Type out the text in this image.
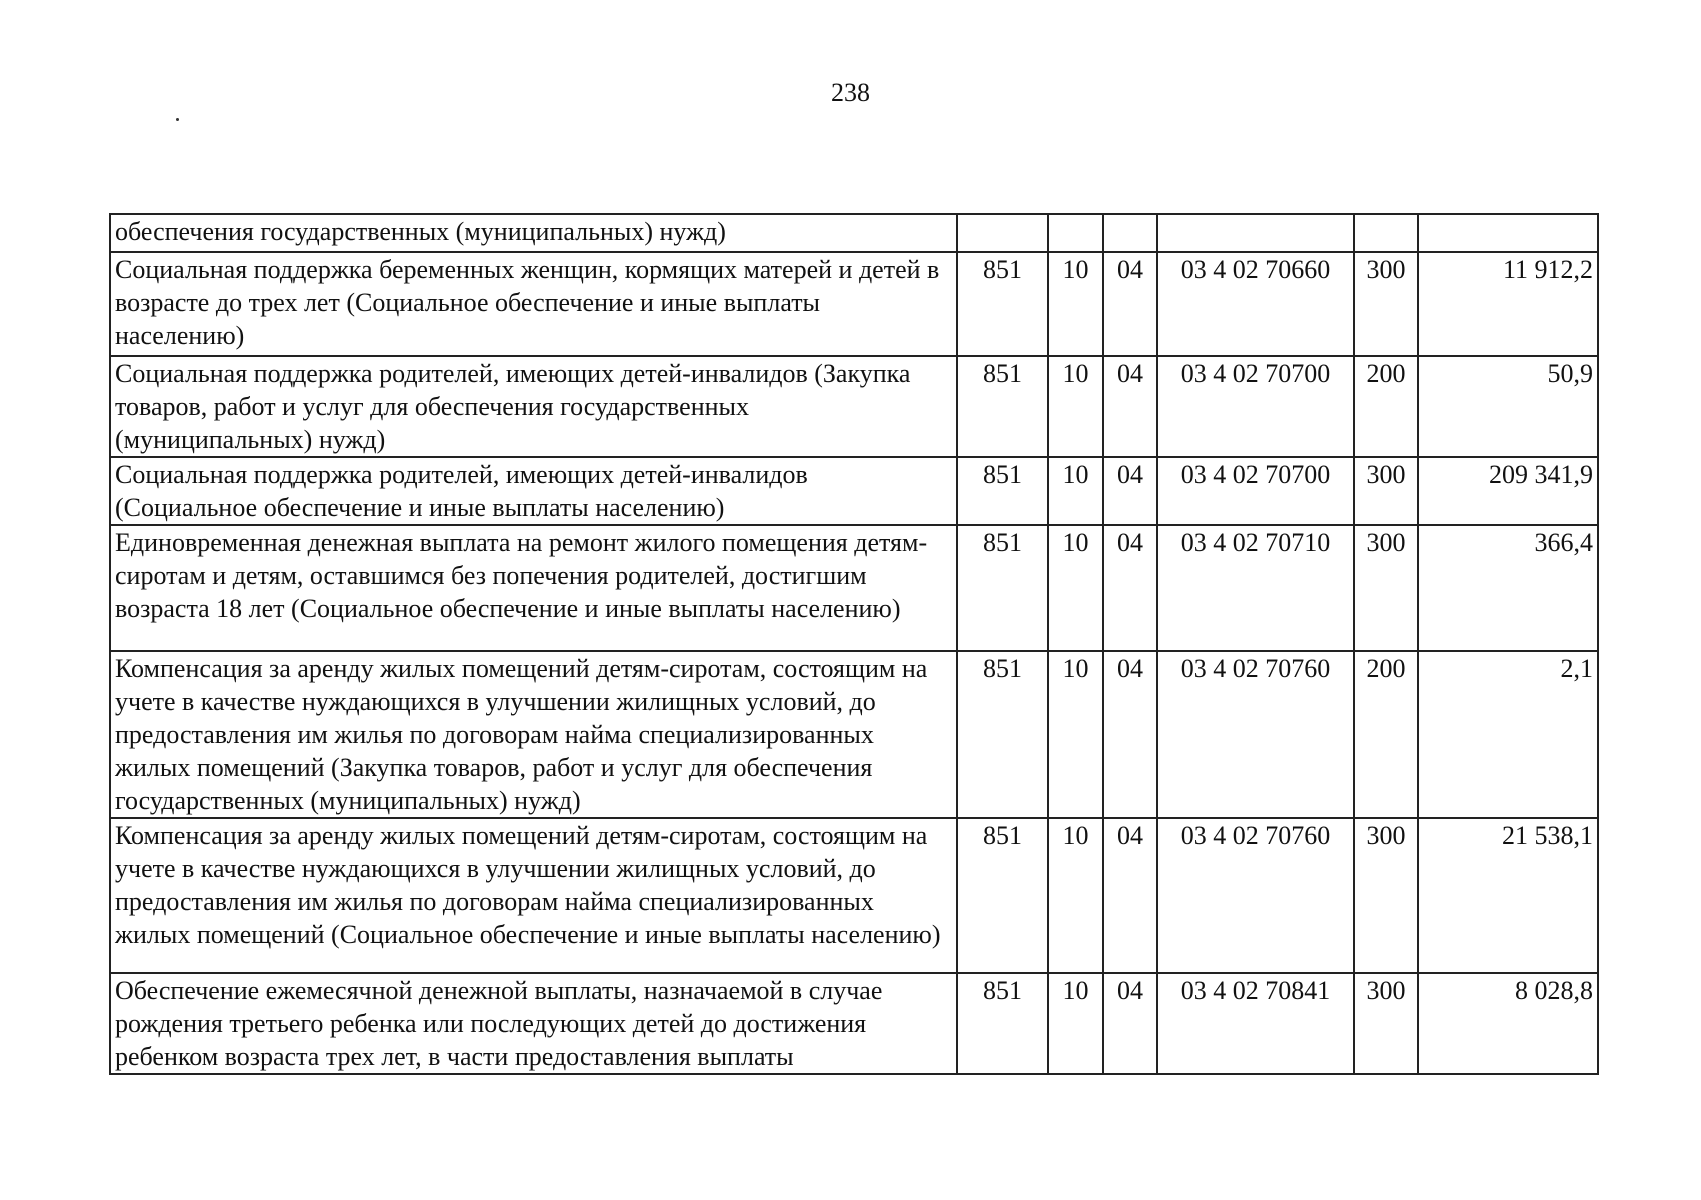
238
обеспечения государственных (муниципальных) нужд)						

Социальная поддержка беременных женщин, кормящих матерей и детей в возрасте до трех лет (Социальное обеспечение и иные выплаты населению)	851	10	04	03 4 02 70660	300	11 912,2

Социальная поддержка родителей, имеющих детей-инвалидов (Закупка товаров, работ и услуг для обеспечения государственных (муниципальных) нужд)	851	10	04	03 4 02 70700	200	50,9

Социальная поддержка родителей, имеющих детей-инвалидов (Социальное обеспечение и иные выплаты населению)	851	10	04	03 4 02 70700	300	209 341,9

Единовременная денежная выплата на ремонт жилого помещения детям-сиротам и детям, оставшимся без попечения родителей, достигшим возраста 18 лет (Социальное обеспечение и иные выплаты населению)	851	10	04	03 4 02 70710	300	366,4

Компенсация за аренду жилых помещений детям-сиротам, состоящим на учете в качестве нуждающихся в улучшении жилищных условий, до предоставления им жилья по договорам найма специализированных жилых помещений (Закупка товаров, работ и услуг для обеспечения государственных (муниципальных) нужд)	851	10	04	03 4 02 70760	200	2,1

Компенсация за аренду жилых помещений детям-сиротам, состоящим на учете в качестве нуждающихся в улучшении жилищных условий, до предоставления им жилья по договорам найма специализированных жилых помещений (Социальное обеспечение и иные выплаты населению)	851	10	04	03 4 02 70760	300	21 538,1

Обеспечение ежемесячной денежной выплаты, назначаемой в случае рождения третьего ребенка или последующих детей до достижения ребенком возраста трех лет, в части предоставления выплаты	851	10	04	03 4 02 70841	300	8 028,8
